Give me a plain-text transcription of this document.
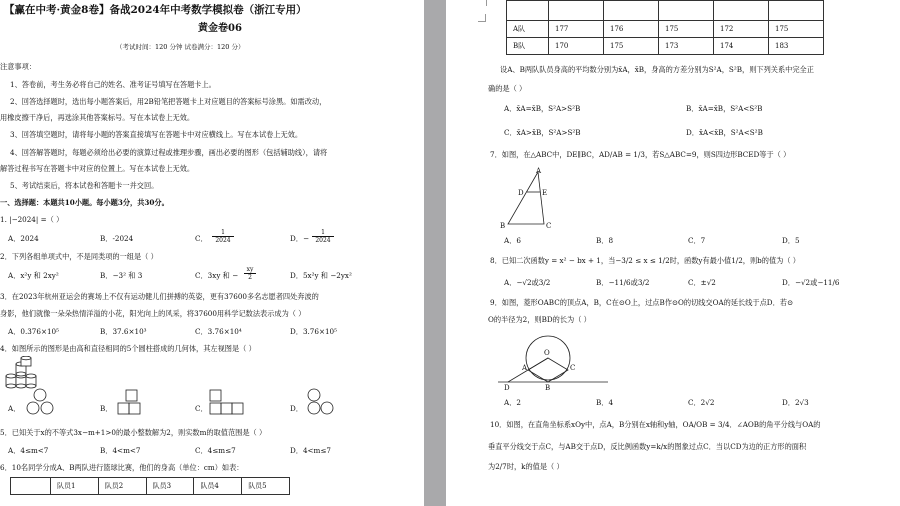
【赢在中考·黄金8卷】备战2024年中考数学模拟卷（浙江专用）
黄金卷06
（考试时间：120 分钟 试卷满分：120 分）
注意事项：
1、答卷前，考生务必将自己的姓名、准考证号填写在答题卡上。
2、回答选择题时，选出每小题答案后，用2B铅笔把答题卡上对应题目的答案标号涂黑。如需改动，
用橡皮擦干净后，再选涂其他答案标号。写在本试卷上无效。
3、回答填空题时，请将每小题的答案直接填写在答题卡中对应横线上。写在本试卷上无效。
4、回答解答题时，每题必须给出必要的演算过程或推理步骤，画出必要的图形（包括辅助线），请将
解答过程书写在答题卡中对应的位置上。写在本试卷上无效。
5、考试结束后，将本试卷和答题卡一并交回。
一、选择题：本题共10小题。每小题3分，共30分。
1. |−2024| =（ ）
A．2024	B．-2024	C．
1
2024	D．−
1
2024
2．下列各组单项式中，不是同类项的一组是（ ）
A．x²y 和 2xy²	B．−3² 和 3	C．3xy 和 −
xy
2	D．5x²y 和 −2yx²
3．在2023年杭州亚运会的赛场上不仅有运动健儿们拼搏的英姿，更有37600多名志愿者四处奔波的
身影，他们就像一朵朵热情洋溢的小花，阳光向上的风采，将37600用科学记数法表示成为（ ）
A．0.376×10⁵	B．37.6×10³	C．3.76×10⁴	D．3.76×10⁵
4．如图所示的图形是由高和直径相同的5个圆柱搭成的几何体，其左视图是（ ）
A．	B．	C．	D．
5．已知关于x的不等式3x−m+1>0的最小整数解为2，则实数m的取值范围是（ ）
A．4≤m<7	B．4<m<7	C．4≤m≤7	D．4<m≤7
6．10名同学分成A、B两队进行篮球比赛，他们的身高（单位：cm）如表：
	队员1	队员2	队员3	队员4	队员5

A队	177	176	175	172	175
B队	170	175	173	174	183
设A、B两队队员身高的平均数分别为x̄A，x̄B，身高的方差分别为S²A，S²B，则下列关系中完全正
确的是（ ）
A．x̄A=x̄B，S²A>S²B	B．x̄A=x̄B，S²A<S²B
C．x̄A>x̄B，S²A>S²B	D．x̄A<x̄B，S²A<S²B
7．如图，在△ABC中，DE∥BC，AD/AB = 1/3，若S△ABC=9，则S四边形BCED等于（ ）
A
D	E
B	C
A．6	B．8	C．7	D．5
8．已知二次函数y = x² − bx + 1，当−3/2 ≤ x ≤ 1/2时，函数y有最小值1/2，则b的值为（ ）
A．−√2或3/2	B．−11/6或3/2	C．±√2	D．−√2或−11/6
9．如图，菱形OABC的顶点A，B，C在⊙O上，过点B作⊙O的切线交OA的延长线于点D．若⊙
O的半径为2，则BD的长为（ ）
O
A	C
B
D
A．2	B．4	C．2√2	D．2√3
10．如图，在直角坐标系xOy中，点A，B分别在x轴和y轴，OA/OB = 3/4．∠AOB的角平分线与OA的
垂直平分线交于点C，与AB交于点D，反比例函数y=k/x的图象过点C．当以CD为边的正方形的面积
为2/7时，k的值是（ ）
